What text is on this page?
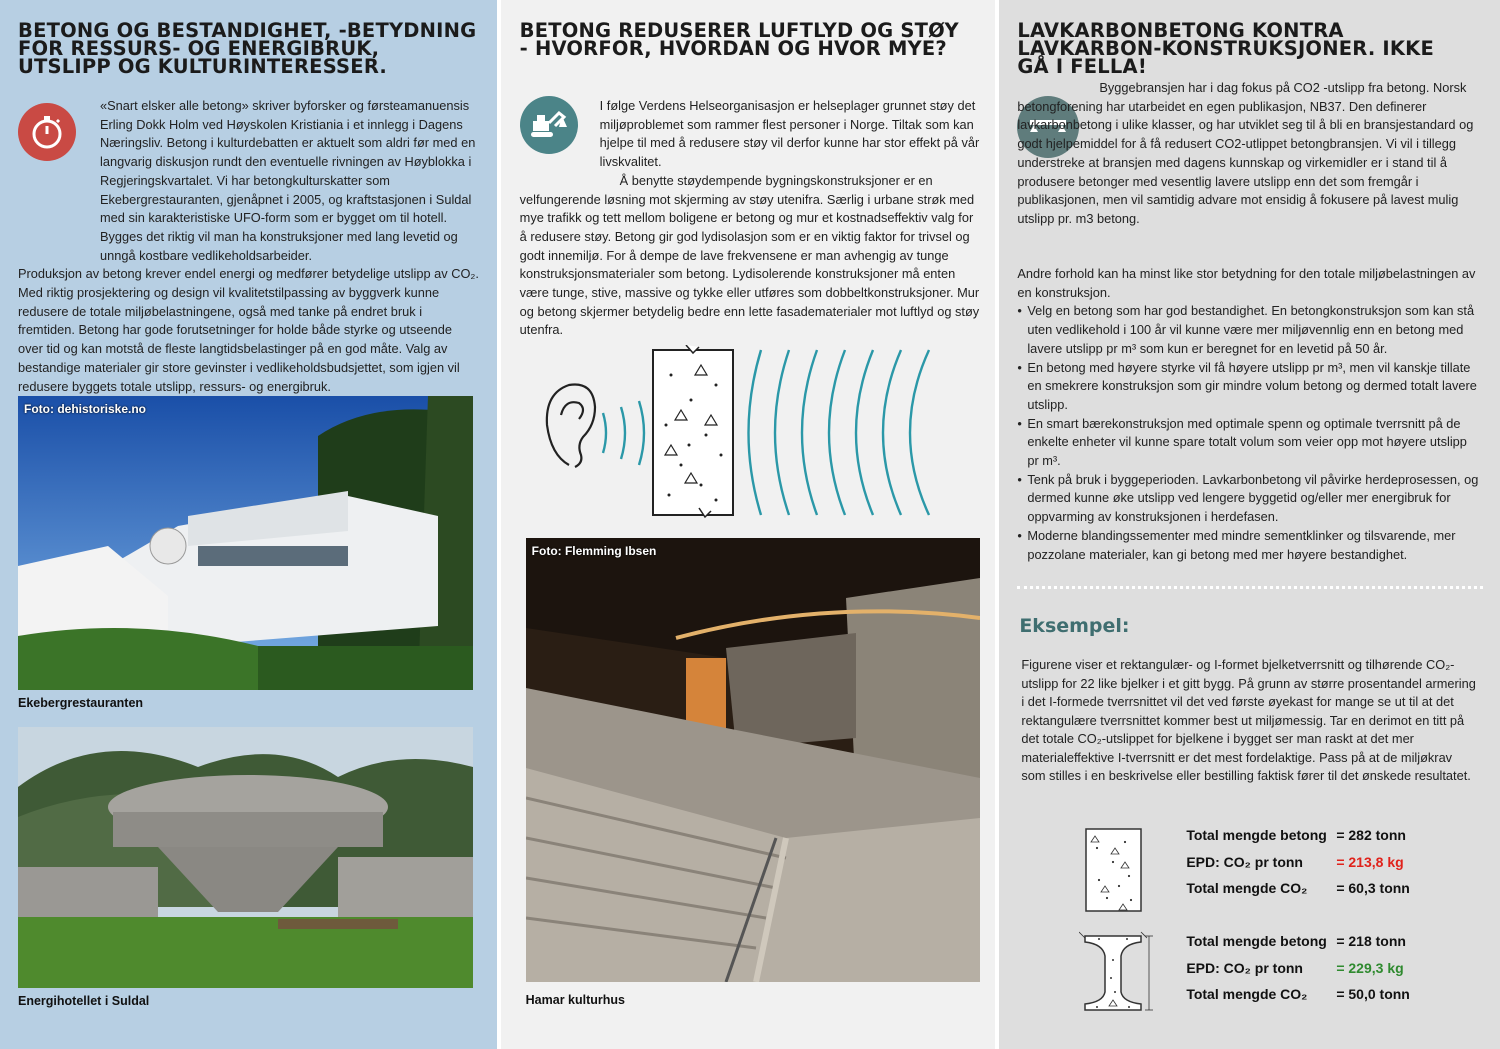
BETONG OG BESTANDIGHET, -BETYDNING FOR RESSURS- OG ENERGIBRUK, UTSLIPP OG KULTURINTERESSER.

«Snart elsker alle betong» skriver byforsker og førsteamanuensis Erling Dokk Holm ved Høyskolen Kristiania i et innlegg i Dagens Næringsliv. Betong i kulturdebatten er aktuelt som aldri før med en langvarig diskusjon rundt den eventuelle rivningen av Høyblokka i Regjeringskvartalet. Vi har betongkulturskatter som Ekebergrestauranten, gjenåpnet i 2005, og kraftstasjonen i Suldal med sin karakteristiske UFO-form som er bygget om til hotell. Bygges det riktig vil man ha konstruksjoner med lang levetid og unngå kostbare vedlikeholdsarbeider.

Produksjon av betong krever endel energi og medfører betydelige utslipp av CO₂. Med riktig prosjektering og design vil kvalitetstilpassing av byggverk kunne redusere de totale miljøbelastningene, også med tanke på endret bruk i fremtiden. Betong har gode forutsetninger for holde både styrke og utseende over tid og kan motstå de fleste langtidsbelastinger på en god måte. Valg av bestandige materialer gir store gevinster i vedlikeholdsbudsjettet, som igjen vil redusere byggets totale utslipp, ressurs- og energibruk.

Foto: dehistoriske.no
Ekebergrestauranten
Energihotellet i Suldal
BETONG REDUSERER LUFTLYD OG STØY - HVORFOR, HVORDAN OG HVOR MYE?

I følge Verdens Helseorganisasjon er helseplager grunnet støy det miljøproblemet som rammer flest personer i Norge. Tiltak som kan hjelpe til med å redusere støy vil derfor kunne har stor effekt på vår livskvalitet.

Å benytte støydempende bygningskonstruksjoner er en velfungerende løsning mot skjerming av støy utenifra. Særlig i urbane strøk med mye trafikk og tett mellom boligene er betong og mur et kostnadseffektiv valg for å redusere støy. Betong gir god lydisolasjon som er en viktig faktor for trivsel og godt innemiljø. For å dempe de lave frekvensene er man avhengig av tunge konstruksjonsmaterialer som betong. Lydisolerende konstruksjoner må enten være tunge, stive, massive og tykke eller utføres som dobbeltkonstruksjoner. Mur og betong skjermer betydelig bedre enn lette fasadematerialer mot luftlyd og støy utenfra.

Foto: Flemming Ibsen
Hamar kulturhus
LAVKARBONBETONG KONTRA LAVKARBON-KONSTRUKSJONER. IKKE GÅ I FELLA!

Byggebransjen har i dag fokus på CO2 -utslipp fra betong. Norsk betongforening har utarbeidet en egen publikasjon, NB37. Den definerer lavkarbonbetong i ulike klasser, og har utviklet seg til å bli en bransjestandard og godt hjelpemiddel for å få redusert CO2-utlippet betongbransjen. Vi vil i tillegg understreke at bransjen med dagens kunnskap og virkemidler er i stand til å produsere betonger med vesentlig lavere utslipp enn det som fremgår i publikasjonen, men vil samtidig advare mot ensidig å fokusere på lavest mulig utslipp pr. m3 betong.

Andre forhold kan ha minst like stor betydning for den totale miljøbelastningen av en konstruksjon.

• Velg en betong som har god bestandighet. En betongkonstruksjon som kan stå uten vedlikehold i 100 år vil kunne være mer miljøvennlig enn en betong med lavere utslipp pr m³ som kun er beregnet for en levetid på 50 år.
• En betong med høyere styrke vil få høyere utslipp pr m³, men vil kanskje tillate en smekrere konstruksjon som gir mindre volum betong og dermed totalt lavere utslipp.
• En smart bærekonstruksjon med optimale spenn og optimale tverrsnitt på de enkelte enheter vil kunne spare totalt volum som veier opp mot høyere utslipp pr m³.
• Tenk på bruk i byggeperioden. Lavkarbonbetong vil påvirke herdeprosessen, og dermed kunne øke utslipp ved lengere byggetid og/eller mer energibruk for oppvarming av konstruksjonen i herdefasen.
• Moderne blandingssementer med mindre sementklinker og tilsvarende, mer pozzolane materialer, kan gi betong med mer høyere bestandighet.
Eksempel:

Figurene viser et rektangulær- og I-formet bjelketverrsnitt og tilhørende CO₂-utslipp for 22 like bjelker i et gitt bygg. På grunn av større prosentandel armering i det I-formede tverrsnittet vil det ved første øyekast for mange se ut til at det rektangulære tverrsnittet kommer best ut miljømessig. Tar en derimot en titt på det totale CO₂-utslippet for bjelkene i bygget ser man raskt at det mer materialeffektive I-tverrsnitt er det mest fordelaktige. Pass på at de miljøkrav som stilles i en beskrivelse eller bestilling faktisk fører til det ønskede resultatet.

Total mengde betong = 282 tonn
EPD: CO₂ pr tonn = 213,8 kg
Total mengde CO₂ = 60,3 tonn
Total mengde betong = 218 tonn
EPD: CO₂ pr tonn = 229,3 kg
Total mengde CO₂ = 50,0 tonn
